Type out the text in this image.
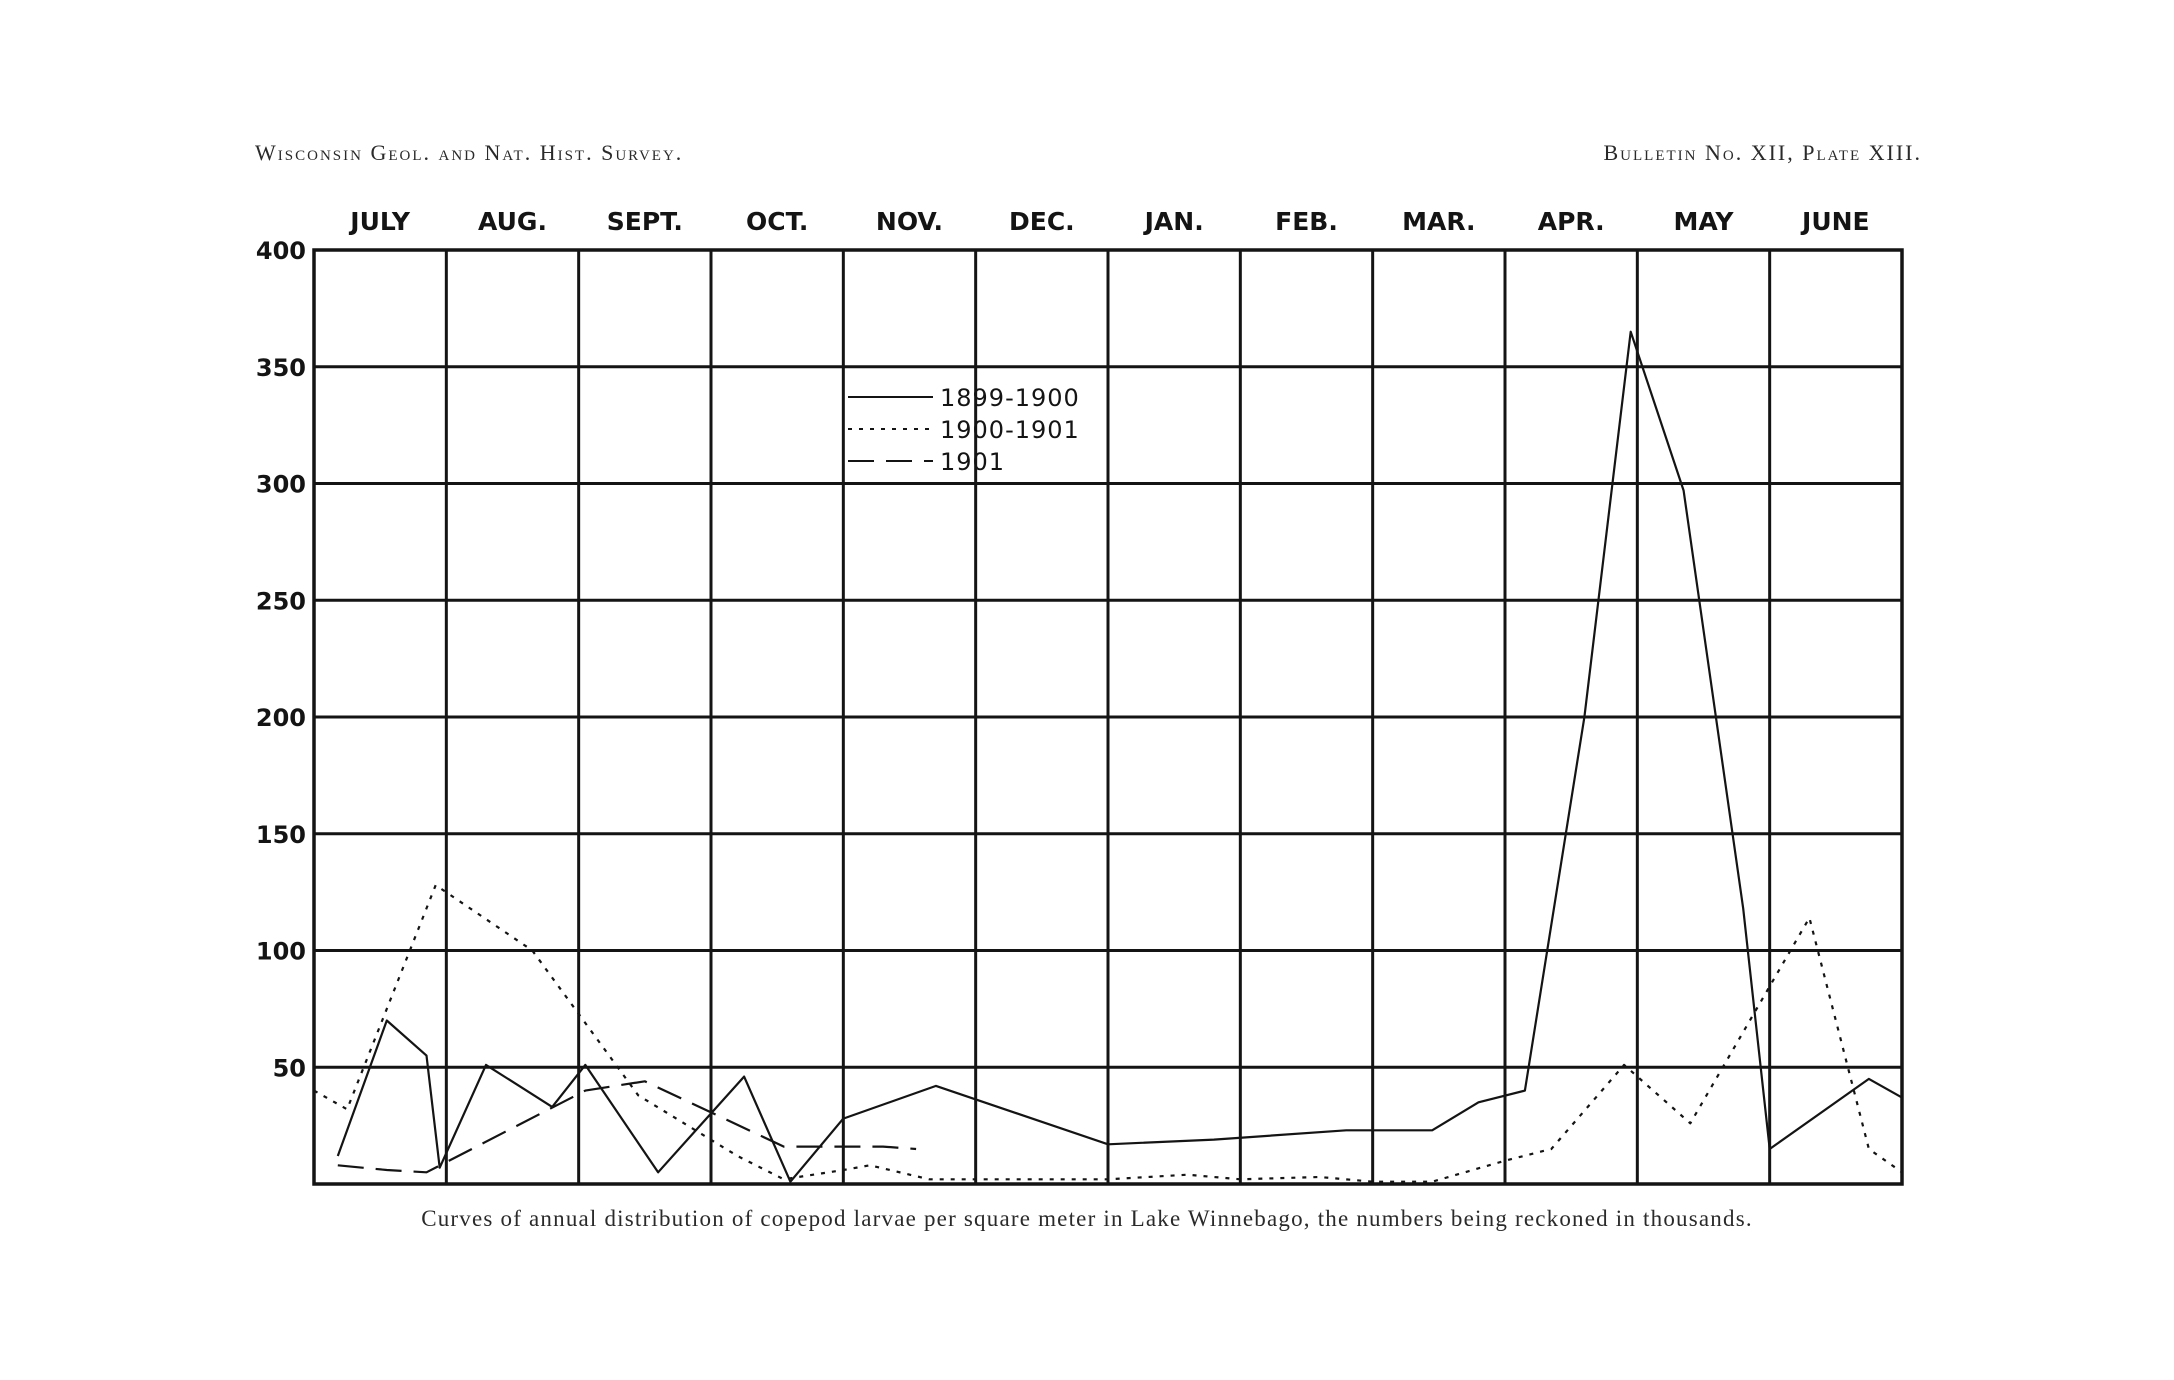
Wisconsin Geol. and Nat. Hist. Survey.	Bulletin No. XII, Plate XIII.
JULY	AUG. SEPT.	OCT.	NOV.	DEC.	JAN.	FEB.	MAR. APR.	MAY	JUNE
50
100
150
200
250
300
350
400
1899-1900
1900-1901
1901
Curves of annual distribution of copepod larvae per square meter in Lake Winnebago, the numbers being reckoned in thousands.
